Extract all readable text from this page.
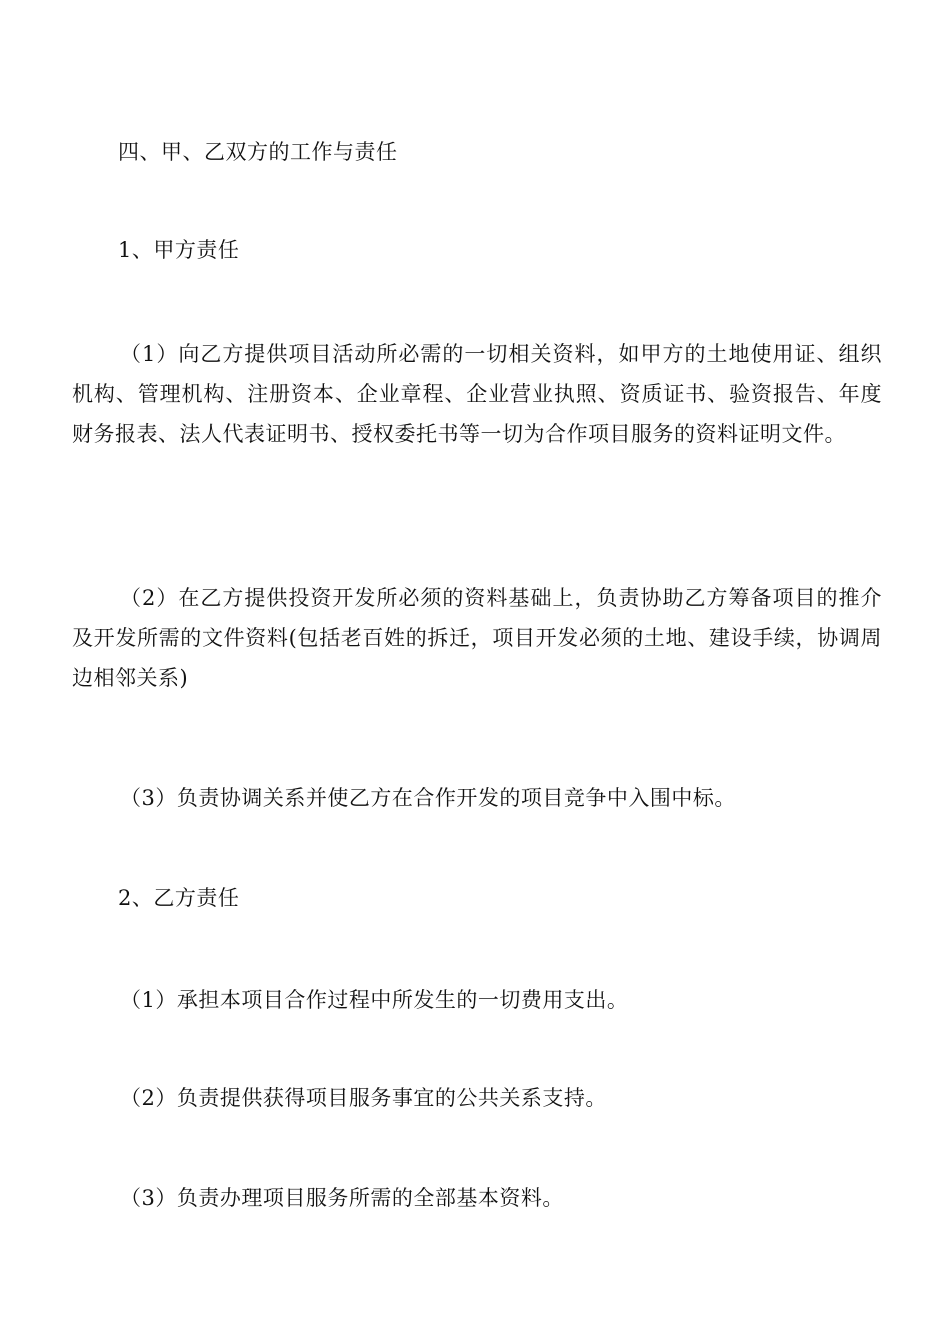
四、甲、乙双方的工作与责任
1、甲方责任
（1）向乙方提供项目活动所必需的一切相关资料，如甲方的土地使用证、组织机构、管理机构、注册资本、企业章程、企业营业执照、资质证书、验资报告、年度财务报表、法人代表证明书、授权委托书等一切为合作项目服务的资料证明文件。
（2）在乙方提供投资开发所必须的资料基础上，负责协助乙方筹备项目的推介及开发所需的文件资料(包括老百姓的拆迁，项目开发必须的土地、建设手续，协调周边相邻关系)
（3）负责协调关系并使乙方在合作开发的项目竞争中入围中标。
2、乙方责任
（1）承担本项目合作过程中所发生的一切费用支出。
（2）负责提供获得项目服务事宜的公共关系支持。
（3）负责办理项目服务所需的全部基本资料。
